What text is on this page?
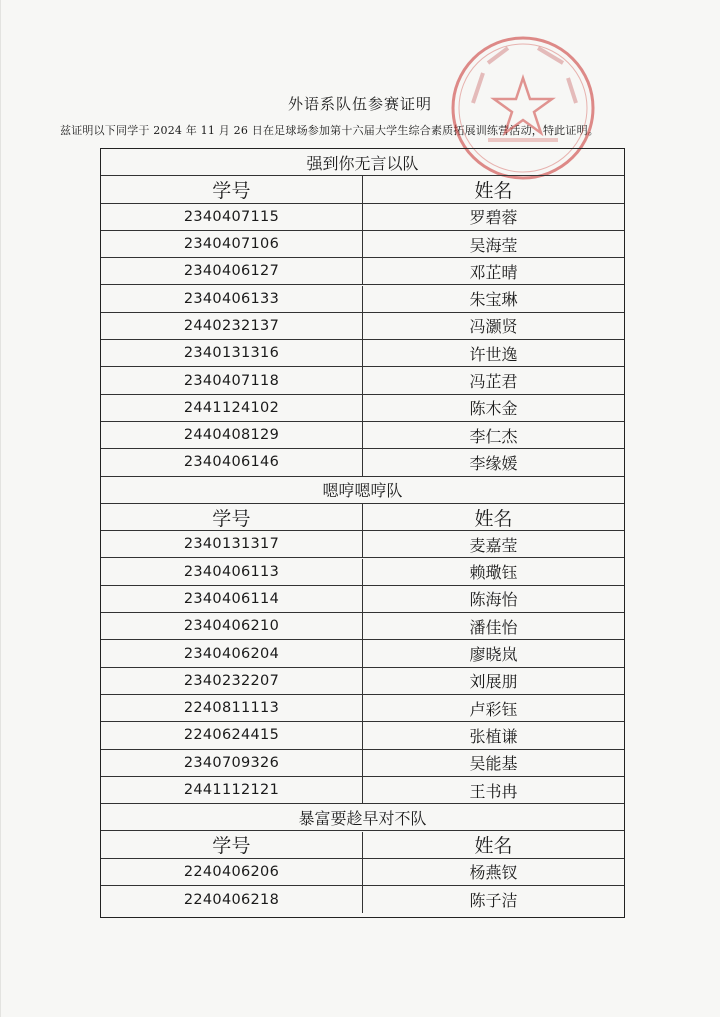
外语系队伍参赛证明
兹证明以下同学于 2024 年 11 月 26 日在足球场参加第十六届大学生综合素质拓展训练营活动，特此证明。
强到你无言以队
学号	姓名
2340407115	罗碧蓉
2340407106	吴海莹
2340406127	邓芷晴
2340406133	朱宝琳
2440232137	冯灏贤
2340131316	许世逸
2340407118	冯芷君
2441124102	陈木金
2440408129	李仁杰
2340406146	李缘媛
嗯哼嗯哼队
学号	姓名
2340131317	麦嘉莹
2340406113	赖璥钰
2340406114	陈海怡
2340406210	潘佳怡
2340406204	廖晓岚
2340232207	刘展朋
2240811113	卢彩钰
2240624415	张植谦
2340709326	吴能基
2441112121	王书冉
暴富要趁早对不队
学号	姓名
2240406206	杨燕钗
2240406218	陈子洁
